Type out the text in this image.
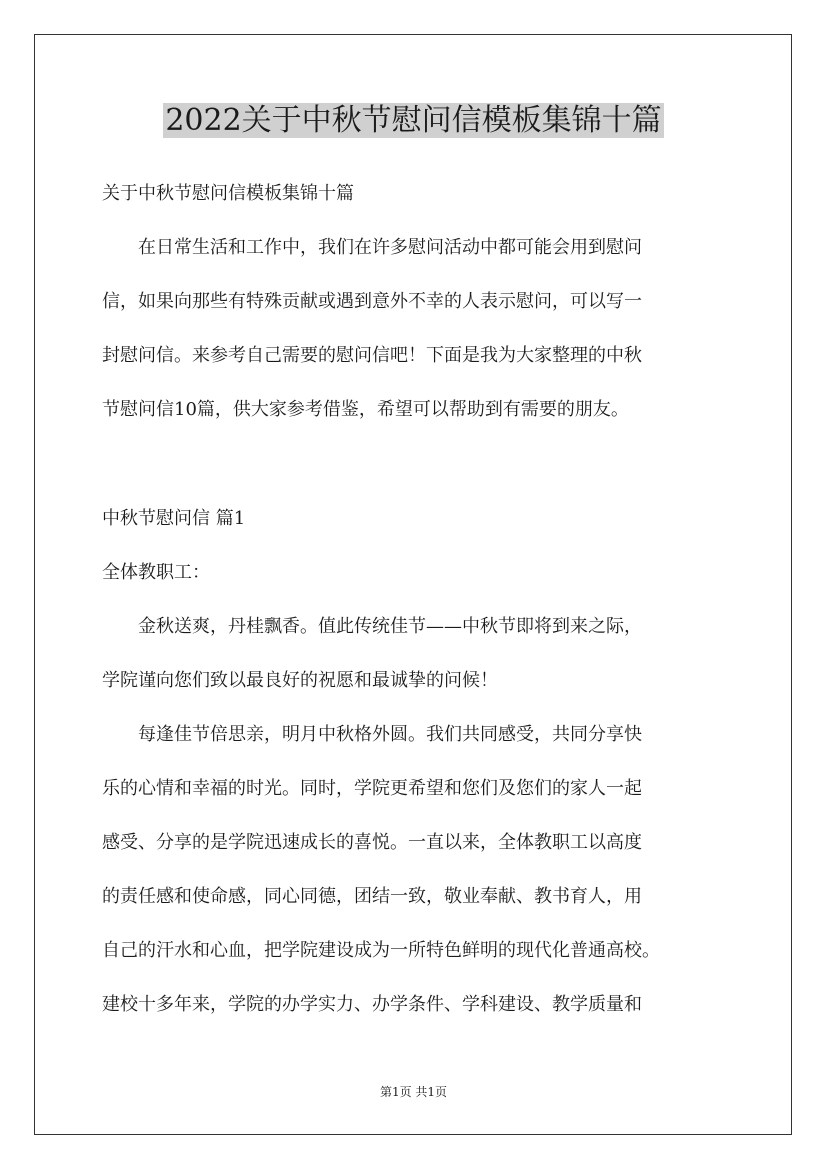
2022关于中秋节慰问信模板集锦十篇

关于中秋节慰问信模板集锦十篇

　　在日常生活和工作中，我们在许多慰问活动中都可能会用到慰问

信，如果向那些有特殊贡献或遇到意外不幸的人表示慰问，可以写一

封慰问信。来参考自己需要的慰问信吧！下面是我为大家整理的中秋

节慰问信10篇，供大家参考借鉴，希望可以帮助到有需要的朋友。

中秋节慰问信 篇1

全体教职工：

　　金秋送爽，丹桂飘香。值此传统佳节——中秋节即将到来之际，

学院谨向您们致以最良好的祝愿和最诚挚的问候！

　　每逢佳节倍思亲，明月中秋格外圆。我们共同感受，共同分享快

乐的心情和幸福的时光。同时，学院更希望和您们及您们的家人一起

感受、分享的是学院迅速成长的喜悦。一直以来，全体教职工以高度

的责任感和使命感，同心同德，团结一致，敬业奉献、教书育人，用

自己的汗水和心血，把学院建设成为一所特色鲜明的现代化普通高校。

建校十多年来，学院的办学实力、办学条件、学科建设、教学质量和

第1页 共1页
